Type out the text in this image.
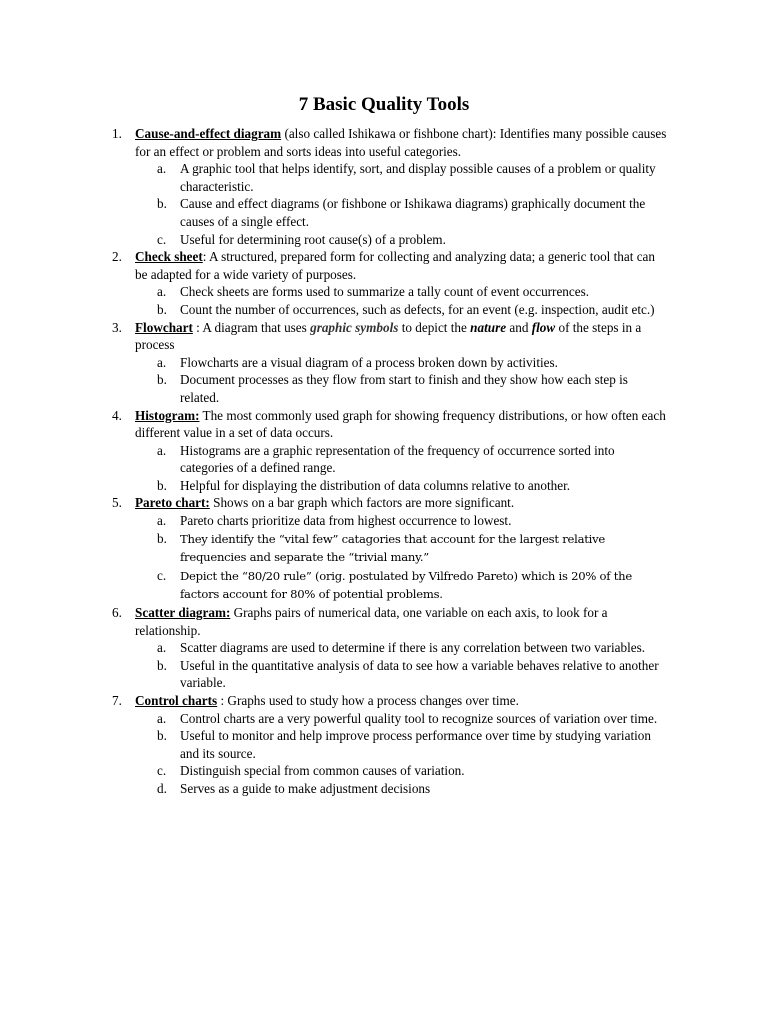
7 Basic Quality Tools
1. Cause-and-effect diagram (also called Ishikawa or fishbone chart): Identifies many possible causes for an effect or problem and sorts ideas into useful categories.
a. A graphic tool that helps identify, sort, and display possible causes of a problem or quality characteristic.
b. Cause and effect diagrams (or fishbone or Ishikawa diagrams) graphically document the causes of a single effect.
c. Useful for determining root cause(s) of a problem.
2. Check sheet: A structured, prepared form for collecting and analyzing data; a generic tool that can be adapted for a wide variety of purposes.
a. Check sheets are forms used to summarize a tally count of event occurrences.
b. Count the number of occurrences, such as defects, for an event (e.g. inspection, audit etc.)
3. Flowchart : A diagram that uses graphic symbols to depict the nature and flow of the steps in a process
a. Flowcharts are a visual diagram of a process broken down by activities.
b. Document processes as they flow from start to finish and they show how each step is related.
4. Histogram: The most commonly used graph for showing frequency distributions, or how often each different value in a set of data occurs.
a. Histograms are a graphic representation of the frequency of occurrence sorted into categories of a defined range.
b. Helpful for displaying the distribution of data columns relative to another.
5. Pareto chart: Shows on a bar graph which factors are more significant.
a. Pareto charts prioritize data from highest occurrence to lowest.
b. They identify the “vital few” catagories that account for the largest relative frequencies and separate the “trivial many.”
c. Depict the “80/20 rule” (orig. postulated by Vilfredo Pareto) which is 20% of the factors account for 80% of potential problems.
6. Scatter diagram: Graphs pairs of numerical data, one variable on each axis, to look for a relationship.
a. Scatter diagrams are used to determine if there is any correlation between two variables.
b. Useful in the quantitative analysis of data to see how a variable behaves relative to another variable.
7. Control charts : Graphs used to study how a process changes over time.
a. Control charts are a very powerful quality tool to recognize sources of variation over time.
b. Useful to monitor and help improve process performance over time by studying variation and its source.
c. Distinguish special from common causes of variation.
d. Serves as a guide to make adjustment decisions
